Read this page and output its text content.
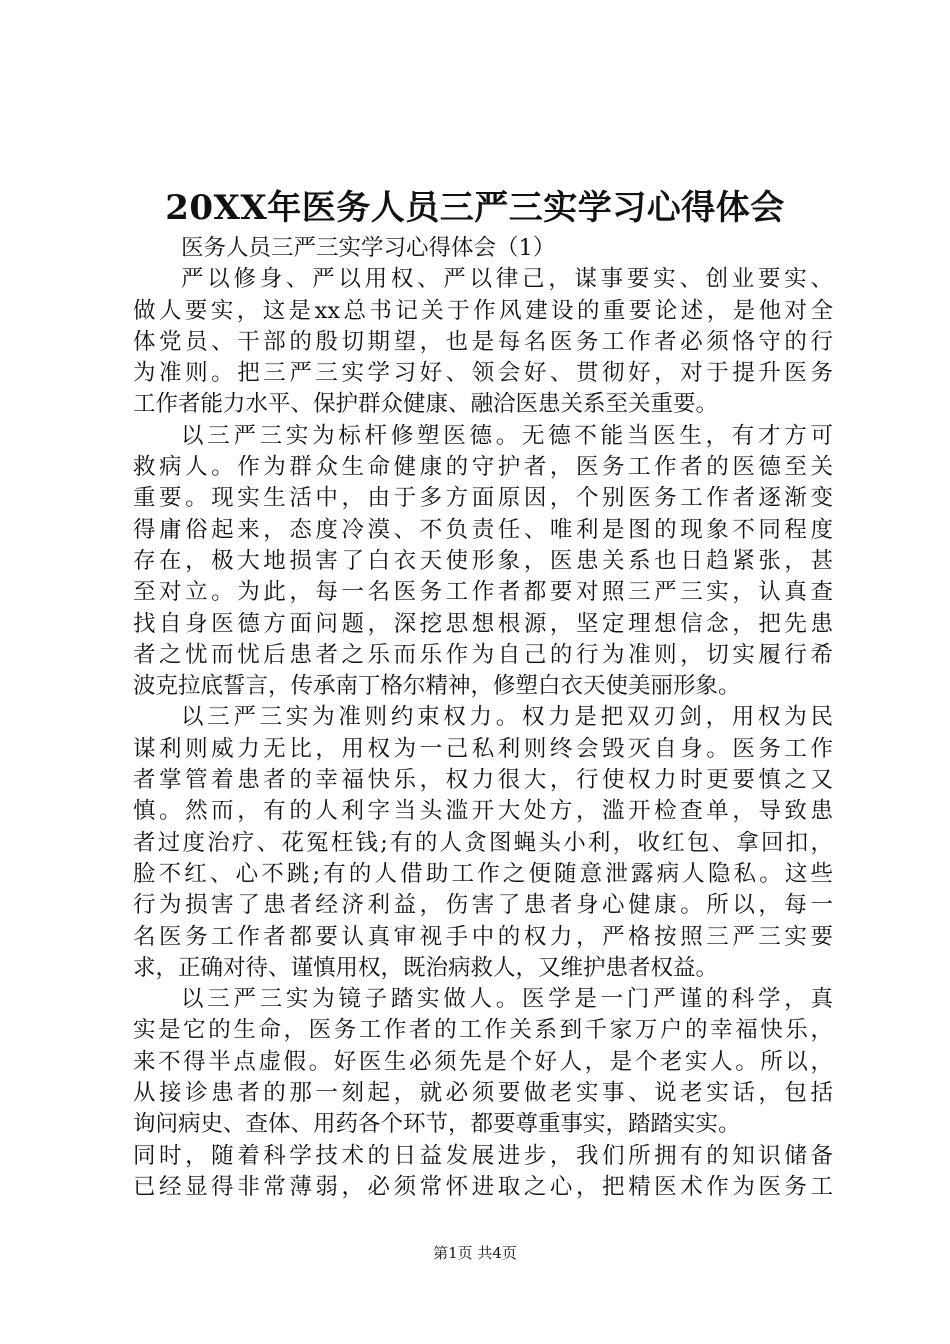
20XX年医务人员三严三实学习心得体会
医务人员三严三实学习心得体会（1）
严以修身、严以用权、严以律己，谋事要实、创业要实、
做人要实，这是xx总书记关于作风建设的重要论述，是他对全
体党员、干部的殷切期望，也是每名医务工作者必须恪守的行
为准则。把三严三实学习好、领会好、贯彻好，对于提升医务
工作者能力水平、保护群众健康、融洽医患关系至关重要。
以三严三实为标杆修塑医德。无德不能当医生，有才方可
救病人。作为群众生命健康的守护者，医务工作者的医德至关
重要。现实生活中，由于多方面原因，个别医务工作者逐渐变
得庸俗起来，态度冷漠、不负责任、唯利是图的现象不同程度
存在，极大地损害了白衣天使形象，医患关系也日趋紧张，甚
至对立。为此，每一名医务工作者都要对照三严三实，认真查
找自身医德方面问题，深挖思想根源，坚定理想信念，把先患
者之忧而忧后患者之乐而乐作为自己的行为准则，切实履行希
波克拉底誓言，传承南丁格尔精神，修塑白衣天使美丽形象。
以三严三实为准则约束权力。权力是把双刃剑，用权为民
谋利则威力无比，用权为一己私利则终会毁灭自身。医务工作
者掌管着患者的幸福快乐，权力很大，行使权力时更要慎之又
慎。然而，有的人利字当头滥开大处方，滥开检查单，导致患
者过度治疗、花冤枉钱;有的人贪图蝇头小利，收红包、拿回扣，
脸不红、心不跳;有的人借助工作之便随意泄露病人隐私。这些
行为损害了患者经济利益，伤害了患者身心健康。所以，每一
名医务工作者都要认真审视手中的权力，严格按照三严三实要
求，正确对待、谨慎用权，既治病救人，又维护患者权益。
以三严三实为镜子踏实做人。医学是一门严谨的科学，真
实是它的生命，医务工作者的工作关系到千家万户的幸福快乐，
来不得半点虚假。好医生必须先是个好人，是个老实人。所以，
从接诊患者的那一刻起，就必须要做老实事、说老实话，包括
询问病史、查体、用药各个环节，都要尊重事实，踏踏实实。
同时，随着科学技术的日益发展进步，我们所拥有的知识储备
已经显得非常薄弱，必须常怀进取之心，把精医术作为医务工
第1页 共4页
